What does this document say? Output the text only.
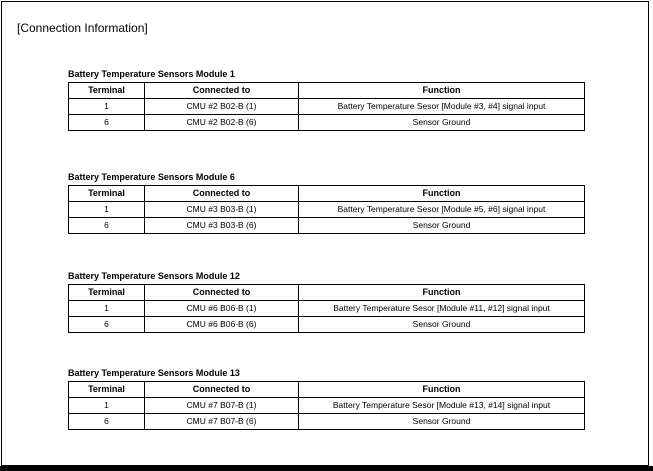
[Connection Information]
Battery Temperature Sensors Module 1
Terminal	Connected to	Function
1	CMU #2 B02-B (1)	Battery Temperature Sesor [Module #3, #4] signal input
6	CMU #2 B02-B (6)	Sensor Ground
Battery Temperature Sensors Module 6
Terminal	Connected to	Function
1	CMU #3 B03-B (1)	Battery Temperature Sesor [Module #5, #6] signal input
6	CMU #3 B03-B (6)	Sensor Ground
Battery Temperature Sensors Module 12
Terminal	Connected to	Function
1	CMU #6 B06-B (1)	Battery Temperature Sesor [Module #11, #12] signal input
6	CMU #6 B06-B (6)	Sensor Ground
Battery Temperature Sensors Module 13
Terminal	Connected to	Function
1	CMU #7 B07-B (1)	Battery Temperature Sesor [Module #13, #14] signal input
6	CMU #7 B07-B (6)	Sensor Ground
